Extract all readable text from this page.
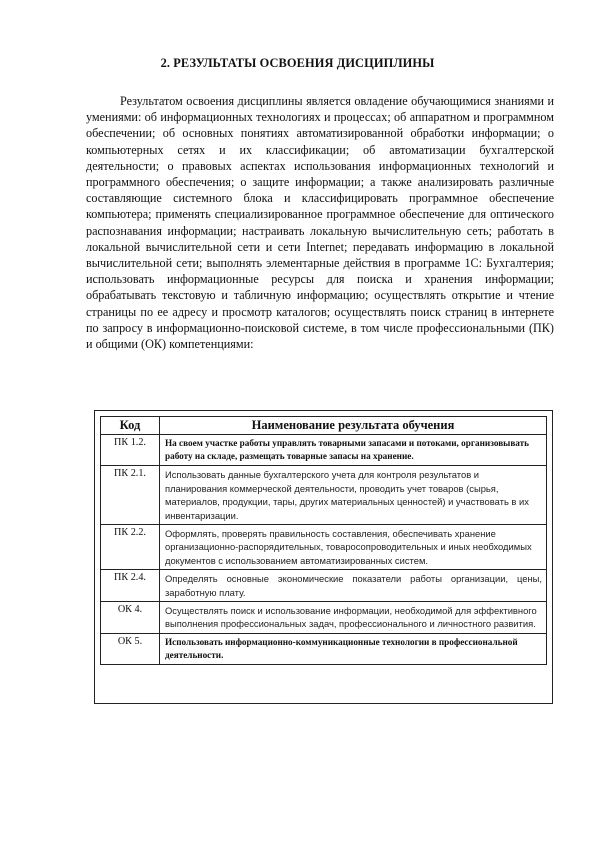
2. РЕЗУЛЬТАТЫ ОСВОЕНИЯ ДИСЦИПЛИНЫ

Результатом освоения дисциплины является овладение обучающимися знаниями и умениями: об информационных технологиях и процессах; об аппаратном и программном обеспечении; об основных понятиях автоматизированной обработки информации; о компьютерных сетях и их классификации; об автоматизации бухгалтерской деятельности; о правовых аспектах использования информационных технологий и программного обеспечения; о защите информации; а также анализировать различные составляющие системного блока и классифицировать программное обеспечение компьютера; применять специализированное программное обеспечение для оптического распознавания информации; настраивать локальную вычислительную сеть; работать в локальной вычислительной сети и сети Internet; передавать информацию в локальной вычислительной сети; выполнять элементарные действия в программе 1С: Бухгалтерия; использовать информационные ресурсы для поиска и хранения информации; обрабатывать текстовую и табличную информацию; осуществлять открытие и чтение страницы по ее адресу и просмотр каталогов; осуществлять поиск страниц в интернете по запросу в информационно-поисковой системе, в том числе профессиональными (ПК) и общими (ОК) компетенциями:

Код	Наименование результата обучения
ПК 1.2.	На своем участке работы управлять товарными запасами и потоками, организовывать работу на складе, размещать товарные запасы на хранение.
ПК 2.1.	Использовать данные бухгалтерского учета для контроля результатов и планирования коммерческой деятельности, проводить учет товаров (сырья, материалов, продукции, тары, других материальных ценностей) и участвовать в их инвентаризации.
ПК 2.2.	Оформлять, проверять правильность составления, обеспечивать хранение организационно-распорядительных, товаросопроводительных и иных необходимых документов с использованием автоматизированных систем.
ПК 2.4.	Определять основные экономические показатели работы организации, цены, заработную плату.
ОК 4.	Осуществлять поиск и использование информации, необходимой для эффективного выполнения профессиональных задач, профессионального и личностного развития.
ОК 5.	Использовать информационно-коммуникационные технологии в профессиональной деятельности.
